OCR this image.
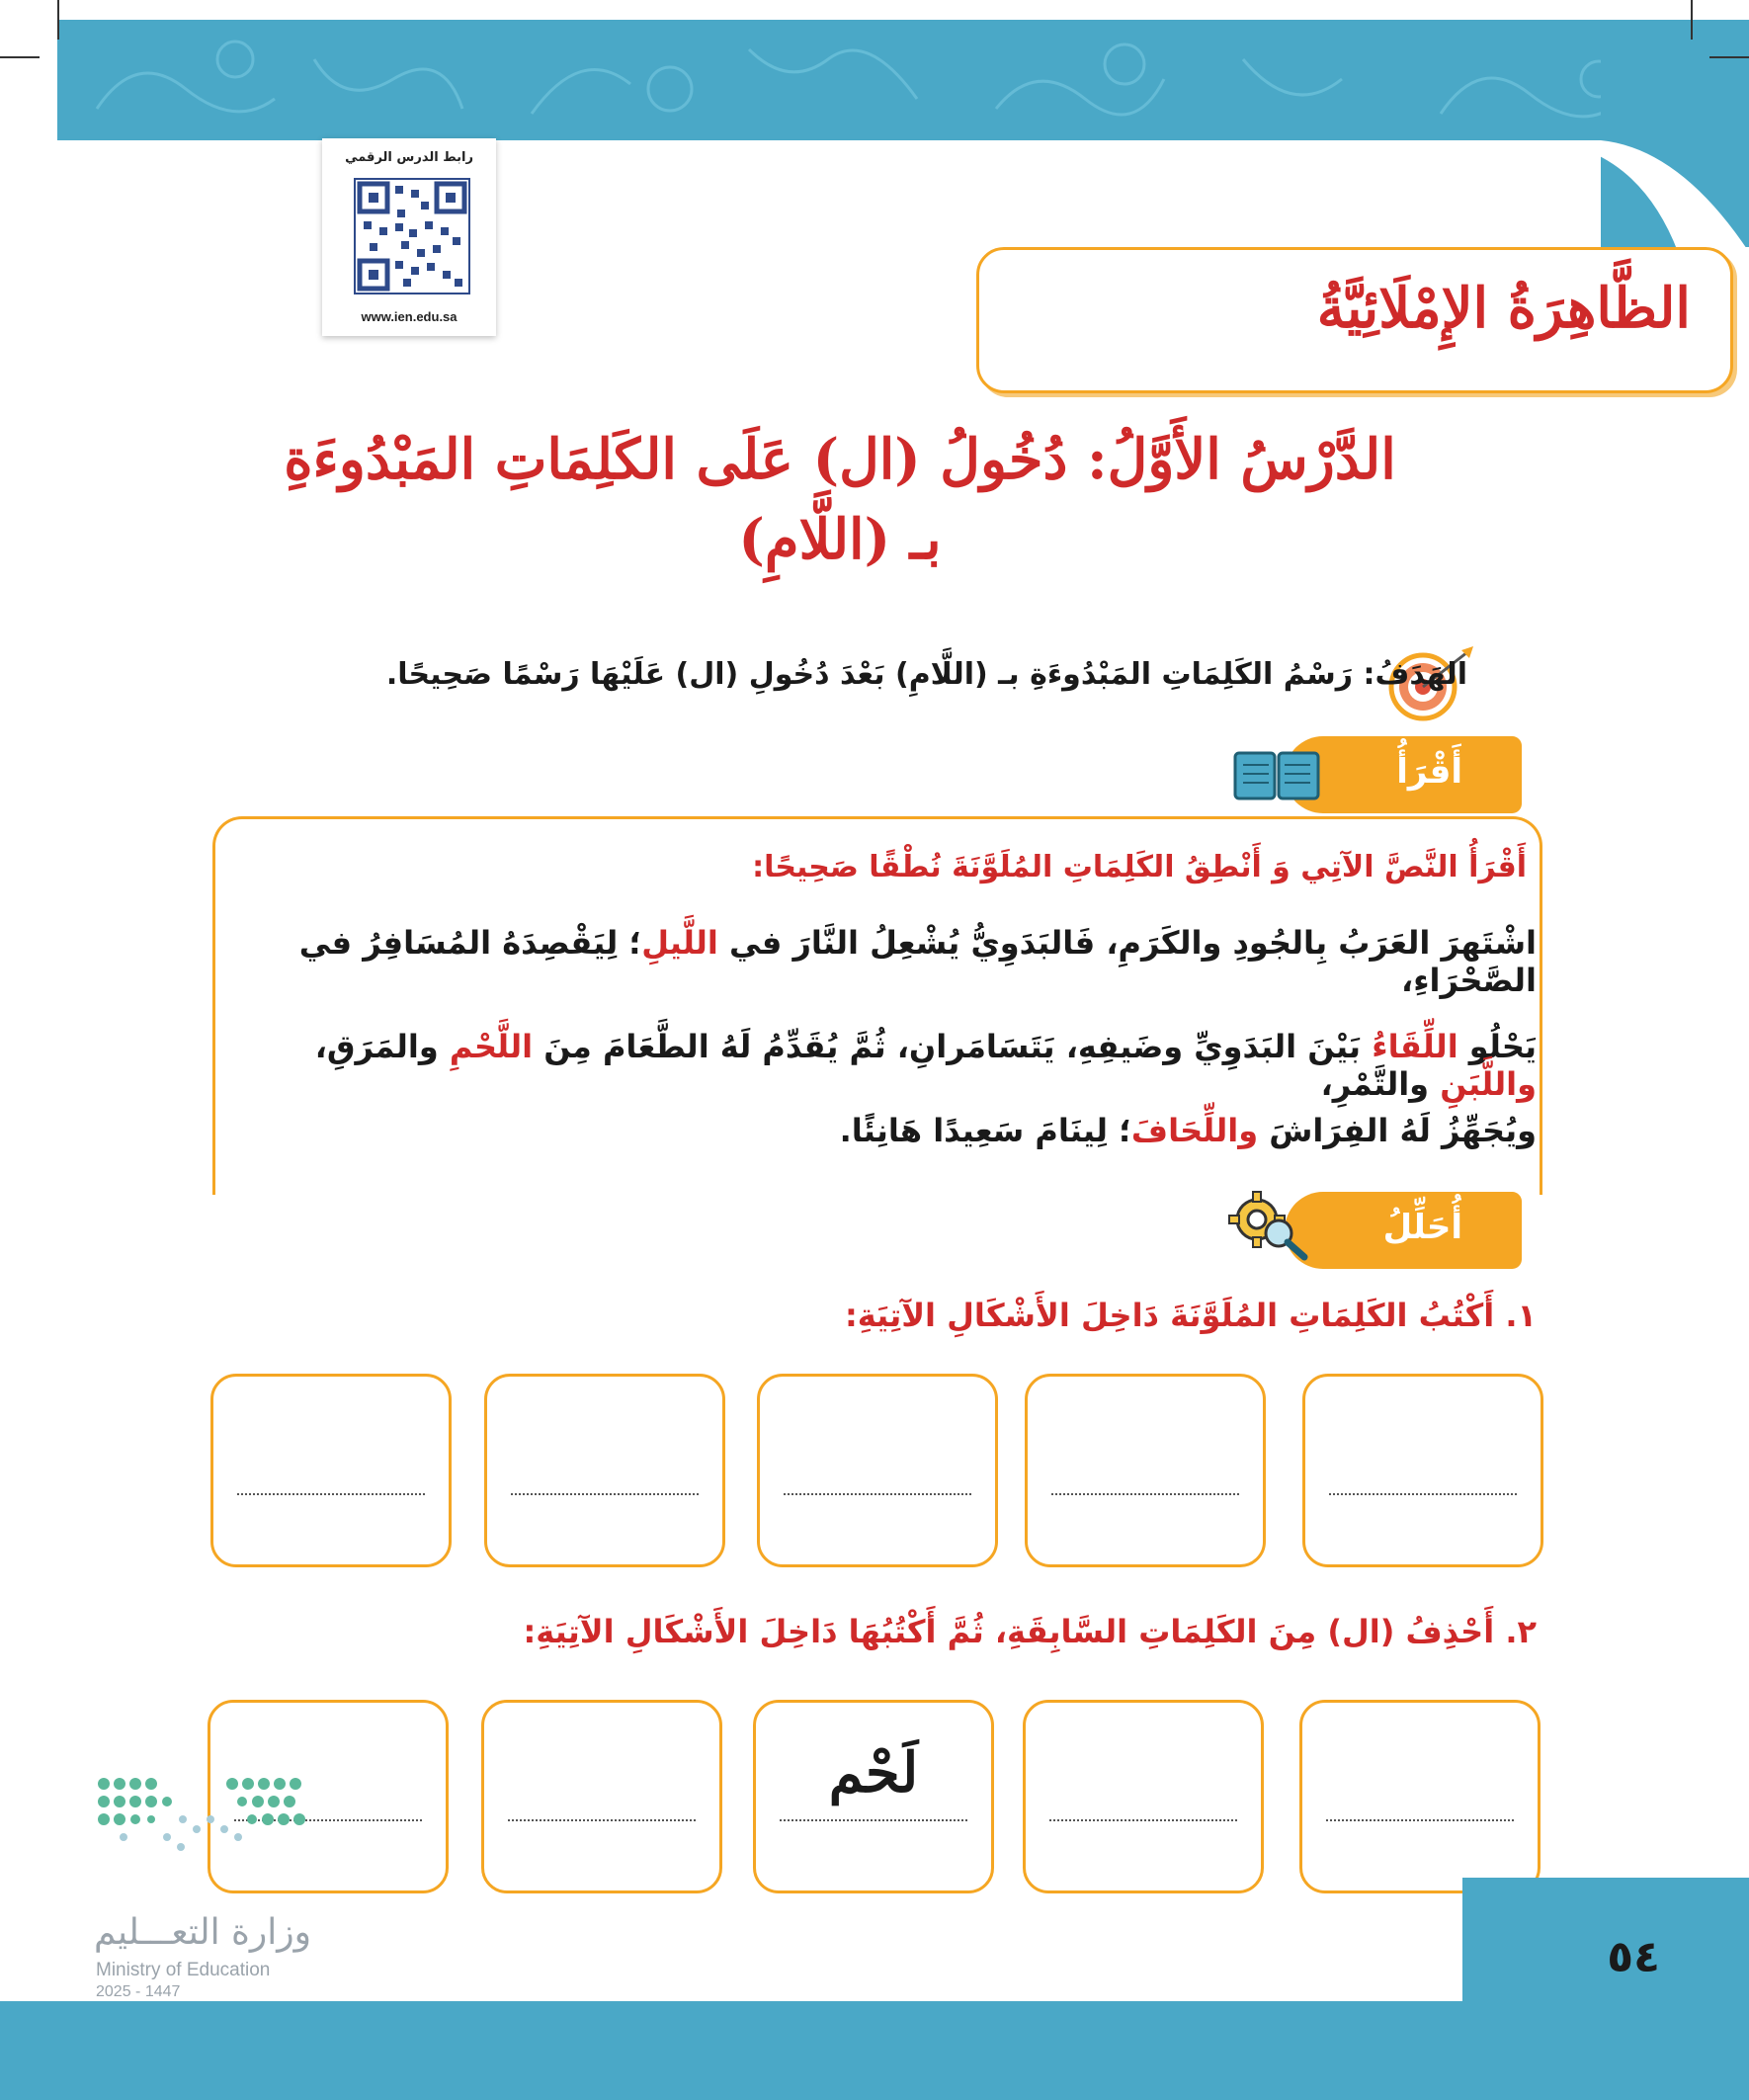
رابط الدرس الرقمي
www.ien.edu.sa	الظَّاهِرَةُ الإِمْلَائِيَّةُ
الدَّرْسُ الأَوَّلُ: دُخُولُ (ال) عَلَى الكَلِمَاتِ المَبْدُوءَةِ
بـ (اللَّامِ)
الهَدَفُ: رَسْمُ الكَلِمَاتِ المَبْدُوءَةِ بـ (اللَّامِ) بَعْدَ دُخُولِ (ال) عَلَيْهَا رَسْمًا صَحِيحًا.
أَقْرَأُ
أَقْرَأُ النَّصَّ الآتِي وَ أَنْطِقُ الكَلِمَاتِ المُلَوَّنَةَ نُطْقًا صَحِيحًا:
اشْتَهرَ العَرَبُ بِالجُودِ والكَرَمِ، فَالبَدَوِيُّ يُشْعِلُ النَّارَ في اللَّيلِ؛ لِيَقْصِدَهُ المُسَافِرُ في الصَّحْرَاءِ،
يَحْلُو اللِّقَاءُ بَيْنَ البَدَوِيِّ وضَيفِهِ، يَتَسَامَرانِ، ثُمَّ يُقَدِّمُ لَهُ الطَّعَامَ مِنَ اللَّحْمِ والمَرَقِ، واللَّبَنِ والتَّمْرِ،
ويُجَهِّزُ لَهُ الفِرَاشَ واللِّحَافَ؛ لِينَامَ سَعِيدًا هَانِئًا.
أُحَلِّلُ
١. أَكْتُبُ الكَلِمَاتِ المُلَوَّنَةَ دَاخِلَ الأَشْكَالِ الآتِيَةِ:
٢. أَحْذِفُ (ال) مِنَ الكَلِمَاتِ السَّابِقَةِ، ثُمَّ أَكْتُبُهَا دَاخِلَ الأَشْكَالِ الآتِيَةِ:
لَحْم
وزارة التعـــليم
Ministry of Education
2025 - 1447
٥٤
